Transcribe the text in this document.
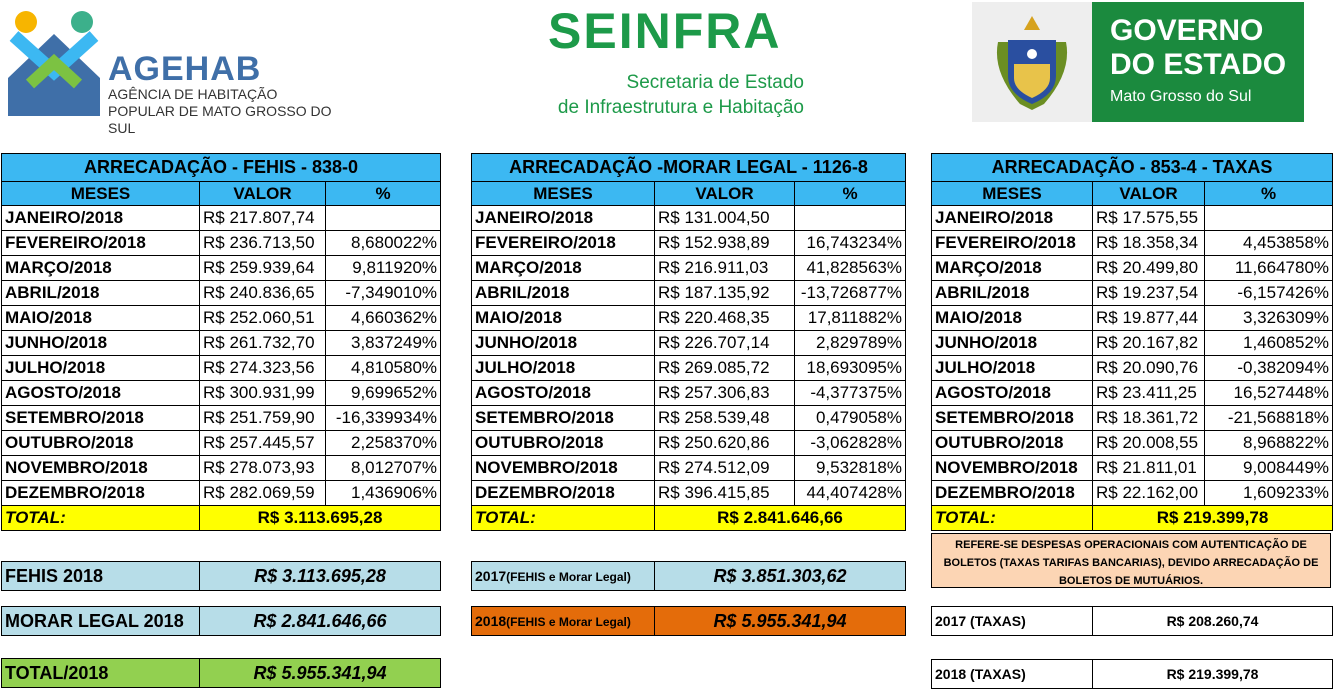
AGEHAB
AGÊNCIA DE HABITAÇÃO POPULAR DE MATO GROSSO DO SUL
SEINFRA
Secretaria de Estado
de Infraestrutura e Habitação
GOVERNO
DO ESTADO
Mato Grosso do Sul
ARRECADAÇÃO - FEHIS - 838-0		
MESES	VALOR	%
JANEIRO/2018	R$ 217.807,74	
FEVEREIRO/2018	R$ 236.713,50	8,680022%
MARÇO/2018	R$ 259.939,64	9,811920%
ABRIL/2018	R$ 240.836,65	-7,349010%
MAIO/2018	R$ 252.060,51	4,660362%
JUNHO/2018	R$ 261.732,70	3,837249%
JULHO/2018	R$ 274.323,56	4,810580%
AGOSTO/2018	R$ 300.931,99	9,699652%
SETEMBRO/2018	R$ 251.759,90	-16,339934%
OUTUBRO/2018	R$ 257.445,57	2,258370%
NOVEMBRO/2018	R$ 278.073,93	8,012707%
DEZEMBRO/2018	R$ 282.069,59	1,436906%
TOTAL:	R$ 3.113.695,28	
ARRECADAÇÃO -MORAR LEGAL - 1126-8		
MESES	VALOR	%
JANEIRO/2018	R$ 131.004,50	
FEVEREIRO/2018	R$ 152.938,89	16,743234%
MARÇO/2018	R$ 216.911,03	41,828563%
ABRIL/2018	R$ 187.135,92	-13,726877%
MAIO/2018	R$ 220.468,35	17,811882%
JUNHO/2018	R$ 226.707,14	2,829789%
JULHO/2018	R$ 269.085,72	18,693095%
AGOSTO/2018	R$ 257.306,83	-4,377375%
SETEMBRO/2018	R$ 258.539,48	0,479058%
OUTUBRO/2018	R$ 250.620,86	-3,062828%
NOVEMBRO/2018	R$ 274.512,09	9,532818%
DEZEMBRO/2018	R$ 396.415,85	44,407428%
TOTAL:	R$ 2.841.646,66	
ARRECADAÇÃO - 853-4 - TAXAS		
MESES	VALOR	%
JANEIRO/2018	R$ 17.575,55	
FEVEREIRO/2018	R$ 18.358,34	4,453858%
MARÇO/2018	R$ 20.499,80	11,664780%
ABRIL/2018	R$ 19.237,54	-6,157426%
MAIO/2018	R$ 19.877,44	3,326309%
JUNHO/2018	R$ 20.167,82	1,460852%
JULHO/2018	R$ 20.090,76	-0,382094%
AGOSTO/2018	R$ 23.411,25	16,527448%
SETEMBRO/2018	R$ 18.361,72	-21,568818%
OUTUBRO/2018	R$ 20.008,55	8,968822%
NOVEMBRO/2018	R$ 21.811,01	9,008449%
DEZEMBRO/2018	R$ 22.162,00	1,609233%
TOTAL:	R$ 219.399,78	
FEHIS 2018	R$ 3.113.695,28
MORAR LEGAL 2018	R$ 2.841.646,66
TOTAL/2018	R$ 5.955.341,94
2017(FEHIS e Morar Legal)	R$ 3.851.303,62
2018(FEHIS e Morar Legal)	R$ 5.955.341,94
REFERE-SE DESPESAS OPERACIONAIS COM AUTENTICAÇÃO DE BOLETOS (TAXAS TARIFAS BANCARIAS), DEVIDO ARRECADAÇÃO DE BOLETOS DE MUTUÁRIOS.
2017 (TAXAS)	R$ 208.260,74
2018 (TAXAS)	R$ 219.399,78
